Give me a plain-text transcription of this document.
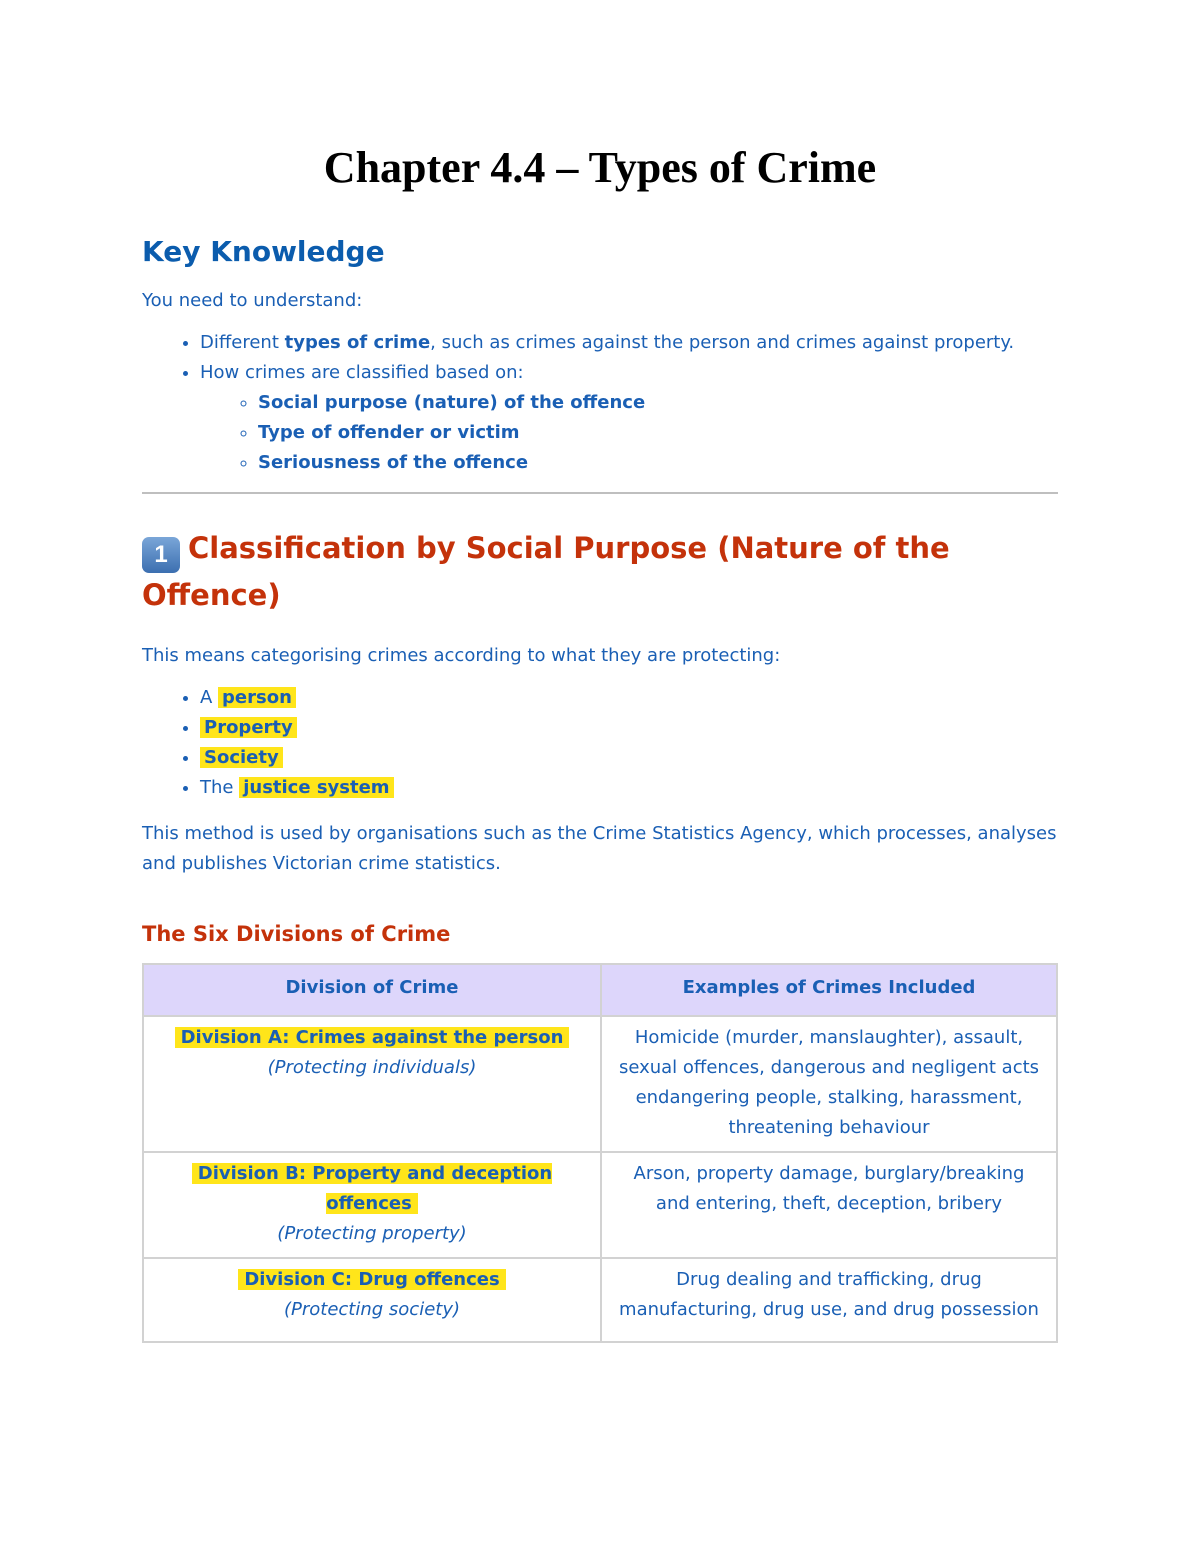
Chapter 4.4 – Types of Crime
Key Knowledge

You need to understand:

• Different types of crime, such as crimes against the person and crimes against property.
• How crimes are classified based on:
◦ Social purpose (nature) of the offence
◦ Type of offender or victim
◦ Seriousness of the offence
1 Classification by Social Purpose (Nature of the Offence)

This means categorising crimes according to what they are protecting:

• A person
• Property
• Society
• The justice system

This method is used by organisations such as the Crime Statistics Agency, which processes, analyses and publishes Victorian crime statistics.

The Six Divisions of Crime
Division of Crime	Examples of Crimes Included
Division A: Crimes against the person
(Protecting individuals)	Homicide (murder, manslaughter), assault, sexual offences, dangerous and negligent acts endangering people, stalking, harassment, threatening behaviour
Division B: Property and deception offences
(Protecting property)	Arson, property damage, burglary/breaking and entering, theft, deception, bribery
Division C: Drug offences
(Protecting society)	Drug dealing and trafficking, drug manufacturing, drug use, and drug possession
